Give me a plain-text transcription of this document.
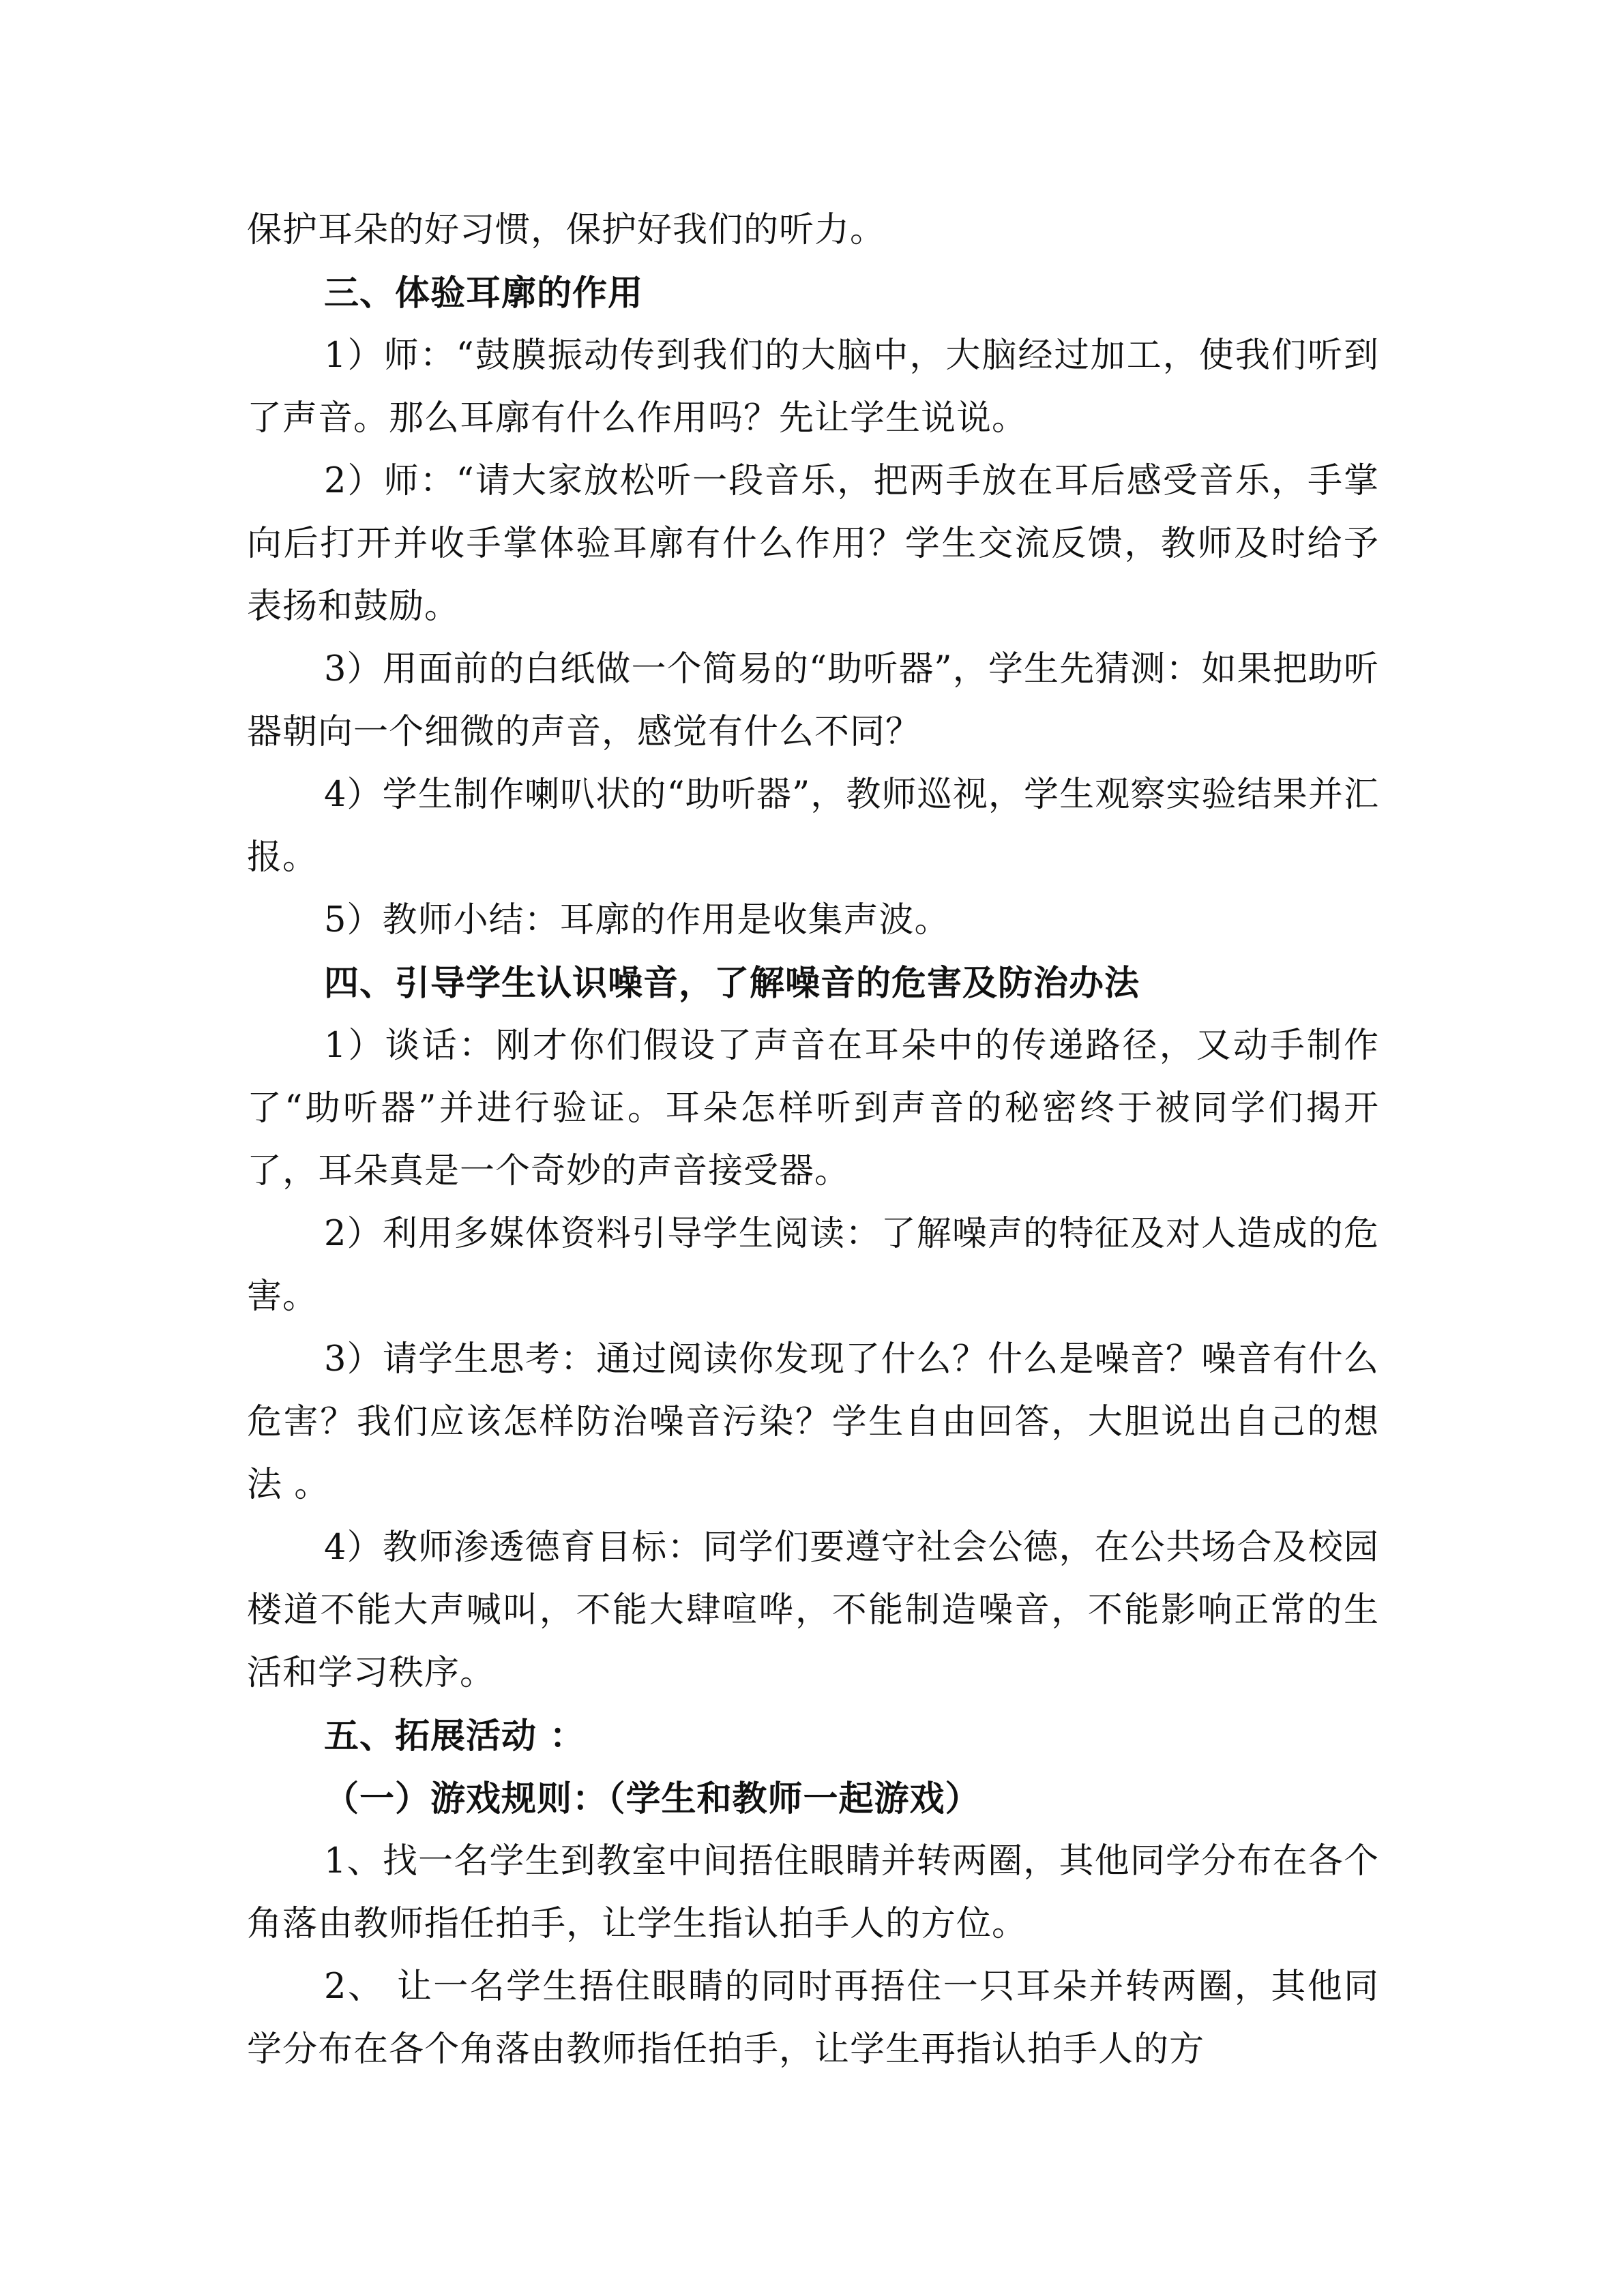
保护耳朵的好习惯，保护好我们的听力。

三、体验耳廓的作用

1）师：“鼓膜振动传到我们的大脑中，大脑经过加工，使我们听到了声音。那么耳廓有什么作用吗？先让学生说说。

2）师：“请大家放松听一段音乐，把两手放在耳后感受音乐，手掌向后打开并收手掌体验耳廓有什么作用？学生交流反馈，教师及时给予表扬和鼓励。

3）用面前的白纸做一个简易的“助听器”，学生先猜测：如果把助听器朝向一个细微的声音，感觉有什么不同？

4）学生制作喇叭状的“助听器”，教师巡视，学生观察实验结果并汇报。

5）教师小结：耳廓的作用是收集声波。

四、引导学生认识噪音，了解噪音的危害及防治办法

1）谈话：刚才你们假设了声音在耳朵中的传递路径，又动手制作了“助听器”并进行验证。耳朵怎样听到声音的秘密终于被同学们揭开了，耳朵真是一个奇妙的声音接受器。

2）利用多媒体资料引导学生阅读：了解噪声的特征及对人造成的危害。

3）请学生思考：通过阅读你发现了什么？什么是噪音？噪音有什么危害？我们应该怎样防治噪音污染？学生自由回答，大胆说出自己的想法 。

4）教师渗透德育目标：同学们要遵守社会公德，在公共场合及校园楼道不能大声喊叫，不能大肆喧哗，不能制造噪音，不能影响正常的生活和学习秩序。

五、拓展活动 ：

（一）游戏规则：（学生和教师一起游戏）

1、找一名学生到教室中间捂住眼睛并转两圈，其他同学分布在各个角落由教师指任拍手，让学生指认拍手人的方位。

2、 让一名学生捂住眼睛的同时再捂住一只耳朵并转两圈，其他同学分布在各个角落由教师指任拍手，让学生再指认拍手人的方
